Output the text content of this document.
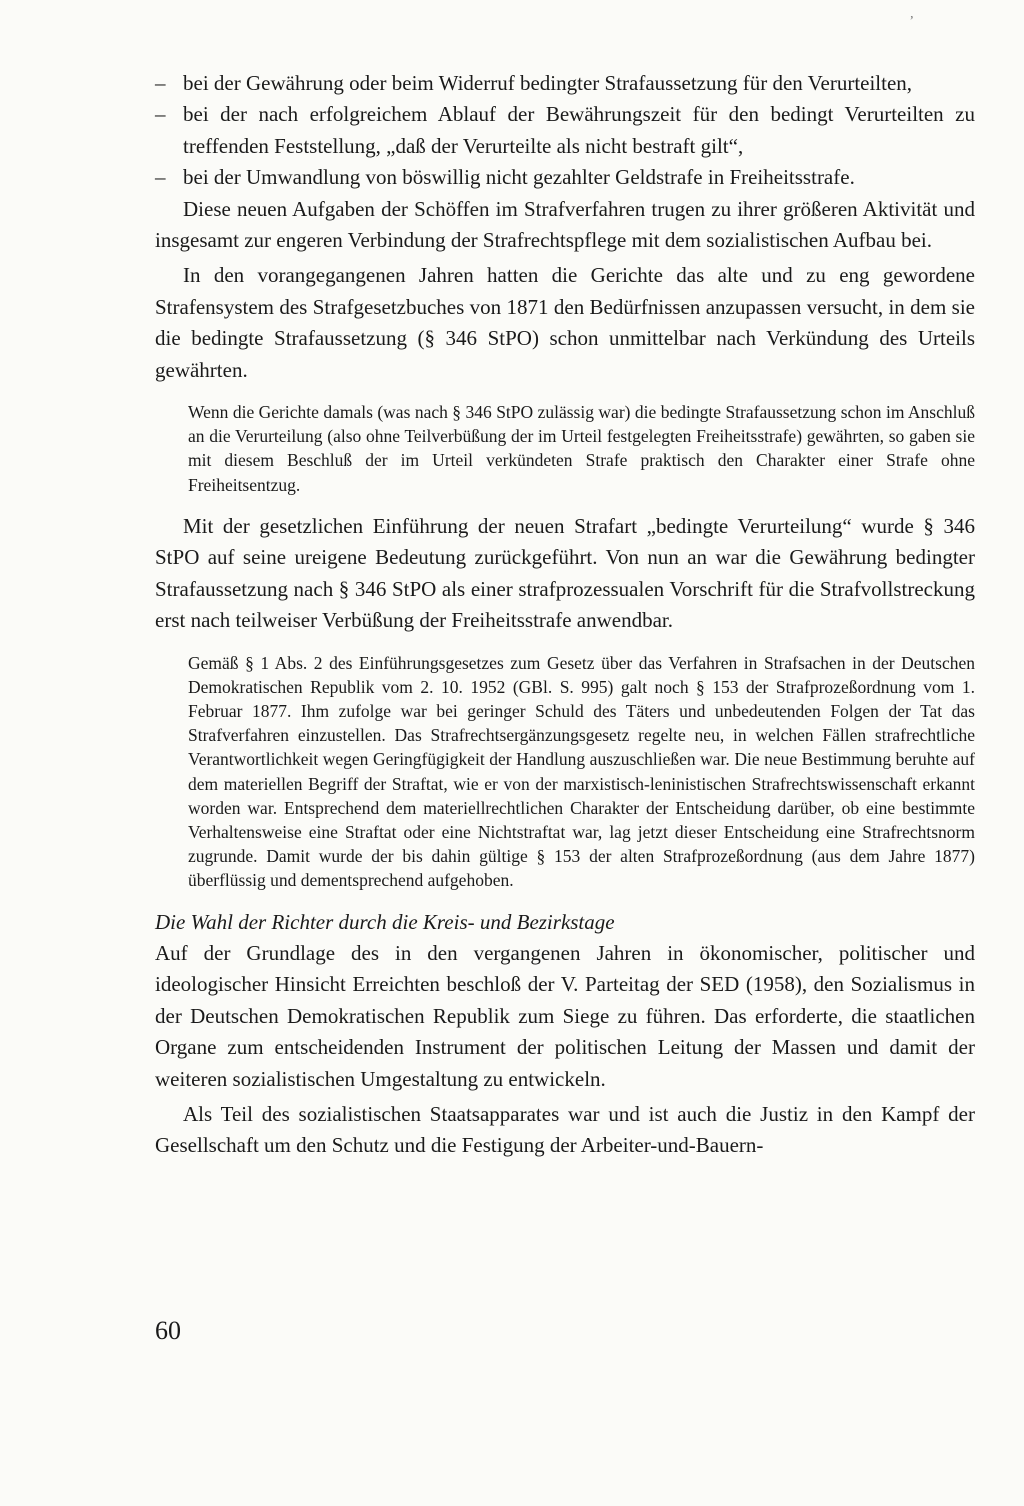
ʼ
– bei der Gewährung oder beim Widerruf bedingter Strafaussetzung für den Verurteilten,
– bei der nach erfolgreichem Ablauf der Bewährungszeit für den bedingt Verurteilten zu treffenden Feststellung, „daß der Verurteilte als nicht bestraft gilt“,
– bei der Umwandlung von böswillig nicht gezahlter Geldstrafe in Freiheitsstrafe.

Diese neuen Aufgaben der Schöffen im Strafverfahren trugen zu ihrer größeren Aktivität und insgesamt zur engeren Verbindung der Strafrechtspflege mit dem sozialistischen Aufbau bei.

In den vorangegangenen Jahren hatten die Gerichte das alte und zu eng gewordene Strafensystem des Strafgesetzbuches von 1871 den Bedürfnissen anzupassen versucht, in dem sie die bedingte Strafaussetzung (§ 346 StPO) schon unmittelbar nach Verkündung des Urteils gewährten.

Wenn die Gerichte damals (was nach § 346 StPO zulässig war) die bedingte Strafaussetzung schon im Anschluß an die Verurteilung (also ohne Teilverbüßung der im Urteil festgelegten Freiheitsstrafe) gewährten, so gaben sie mit diesem Beschluß der im Urteil verkündeten Strafe praktisch den Charakter einer Strafe ohne Freiheitsentzug.

Mit der gesetzlichen Einführung der neuen Strafart „bedingte Verurteilung“ wurde § 346 StPO auf seine ureigene Bedeutung zurückgeführt. Von nun an war die Gewährung bedingter Strafaussetzung nach § 346 StPO als einer strafprozessualen Vorschrift für die Strafvollstreckung erst nach teilweiser Verbüßung der Freiheitsstrafe anwendbar.

Gemäß § 1 Abs. 2 des Einführungsgesetzes zum Gesetz über das Verfahren in Strafsachen in der Deutschen Demokratischen Republik vom 2. 10. 1952 (GBl. S. 995) galt noch § 153 der Strafprozeßordnung vom 1. Februar 1877. Ihm zufolge war bei geringer Schuld des Täters und unbedeutenden Folgen der Tat das Strafverfahren einzustellen. Das Strafrechtsergänzungsgesetz regelte neu, in welchen Fällen strafrechtliche Verantwortlichkeit wegen Geringfügigkeit der Handlung auszuschließen war. Die neue Bestimmung beruhte auf dem materiellen Begriff der Straftat, wie er von der marxistisch-leninistischen Strafrechtswissenschaft erkannt worden war. Entsprechend dem materiellrechtlichen Charakter der Entscheidung darüber, ob eine bestimmte Verhaltensweise eine Straftat oder eine Nichtstraftat war, lag jetzt dieser Entscheidung eine Strafrechtsnorm zugrunde. Damit wurde der bis dahin gültige § 153 der alten Strafprozeßordnung (aus dem Jahre 1877) überflüssig und dementsprechend aufgehoben.

Die Wahl der Richter durch die Kreis- und Bezirkstage

Auf der Grundlage des in den vergangenen Jahren in ökonomischer, politischer und ideologischer Hinsicht Erreichten beschloß der V. Parteitag der SED (1958), den Sozialismus in der Deutschen Demokratischen Republik zum Siege zu führen. Das erforderte, die staatlichen Organe zum entscheidenden Instrument der politischen Leitung der Massen und damit der weiteren sozialistischen Umgestaltung zu entwickeln.

Als Teil des sozialistischen Staatsapparates war und ist auch die Justiz in den Kampf der Gesellschaft um den Schutz und die Festigung der Arbeiter-und-Bauern-

60
